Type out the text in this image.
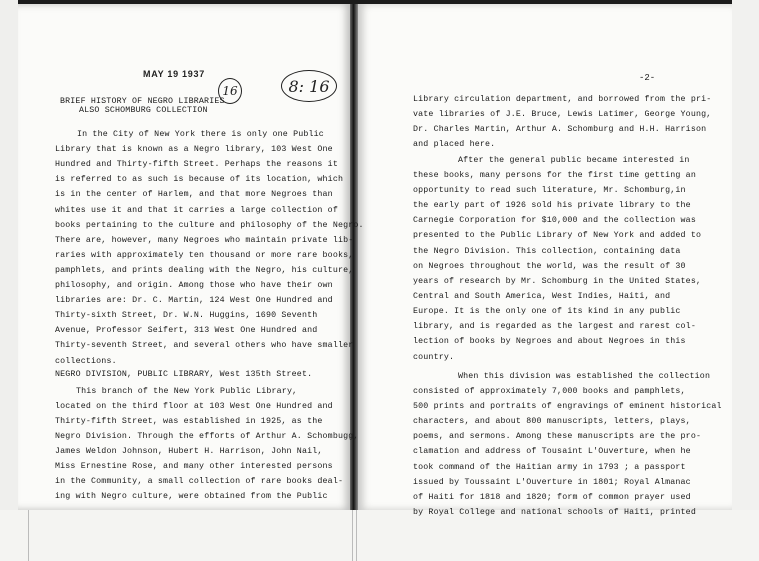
MAY 19 1937
16	8: 16
BRIEF HISTORY OF NEGRO LIBRARIES
ALSO SCHOMBURG COLLECTION
In the City of New York there is only one Public
Library that is known as a Negro library, 103 West One
Hundred and Thirty-fifth Street. Perhaps the reasons it
is referred to as such is because of its location, which
is in the center of Harlem, and that more Negroes than
whites use it and that it carries a large collection of
books pertaining to the culture and philosophy of the Negro.
There are, however, many Negroes who maintain private lib-
raries with approximately ten thousand or more rare books,
pamphlets, and prints dealing with the Negro, his culture,
philosophy, and origin. Among those who have their own
libraries are: Dr. C. Martin, 124 West One Hundred and
Thirty-sixth Street, Dr. W.N. Huggins, 1690 Seventh
Avenue, Professor Seifert, 313 West One Hundred and
Thirty-seventh Street, and several others who have smaller
collections.
NEGRO DIVISION, PUBLIC LIBRARY, West 135th Street.
This branch of the New York Public Library,
located on the third floor at 103 West One Hundred and
Thirty-fifth Street, was established in 1925, as the
Negro Division. Through the efforts of Arthur A. Schombugg,
James Weldon Johnson, Hubert H. Harrison, John Nail,
Miss Ernestine Rose, and many other interested persons
in the Community, a small collection of rare books deal-
ing with Negro culture, were obtained from the Public
-2-
Library circulation department, and borrowed from the pri-
vate libraries of J.E. Bruce, Lewis Latimer, George Young,
Dr. Charles Martin, Arthur A. Schomburg and H.H. Harrison
and placed here.
After the general public became interested in
these books, many persons for the first time getting an
opportunity to read such literature, Mr. Schomburg,in
the early part of 1926 sold his private library to the
Carnegie Corporation for $10,000 and the collection was
presented to the Public Library of New York and added to
the Negro Division. This collection, containing data
on Negroes throughout the world, was the result of 30
years of research by Mr. Schomburg in the United States,
Central and South America, West Indies, Haiti, and
Europe. It is the only one of its kind in any public
library, and is regarded as the largest and rarest col-
lection of books by Negroes and about Negroes in this
country.
When this division was established the collection
consisted of approximately 7,000 books and pamphlets,
500 prints and portraits of engravings of eminent historical
characters, and about 800 manuscripts, letters, plays,
poems, and sermons. Among these manuscripts are the pro-
clamation and address of Tousaint L'Ouverture, when he
took command of the Haitian army in 1793 ; a passport
issued by Toussaint L'Ouverture in 1801; Royal Almanac
of Haiti for 1818 and 1820; form of common prayer used
by Royal College and national schools of Haiti, printed
